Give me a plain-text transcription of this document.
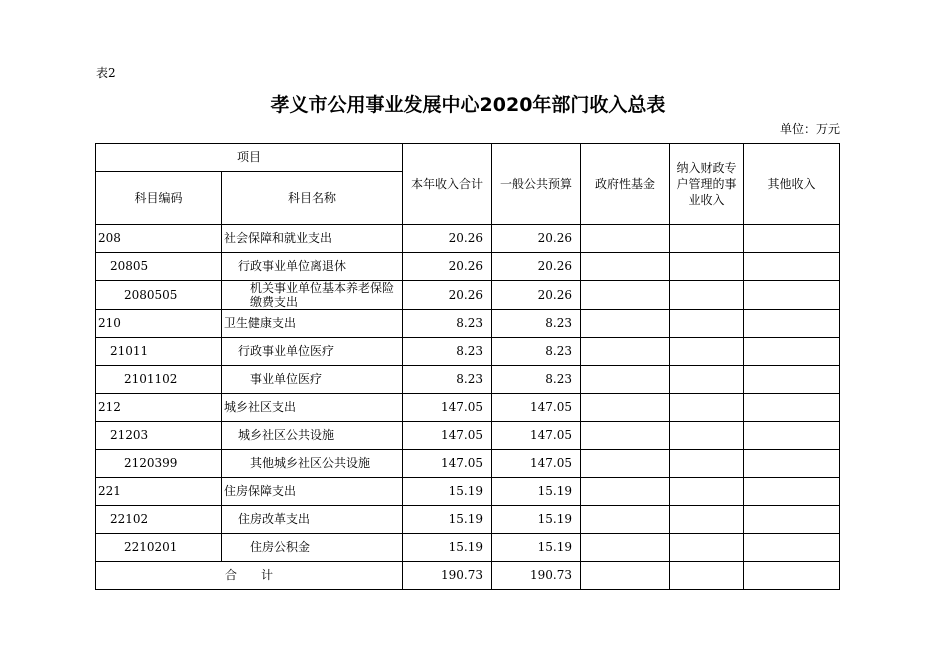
表2
孝义市公用事业发展中心2020年部门收入总表
单位：万元
项目		本年收入合计	一般公共预算	政府性基金	纳入财政专户管理的事业收入	其他收入
科目编码	科目名称					
208	社会保障和就业支出	20.26	20.26			
20805	行政事业单位离退休	20.26	20.26			
2080505	机关事业单位基本养老保险缴费支出	20.26	20.26			
210	卫生健康支出	8.23	8.23			
21011	行政事业单位医疗	8.23	8.23			
2101102	事业单位医疗	8.23	8.23			
212	城乡社区支出	147.05	147.05			
21203	城乡社区公共设施	147.05	147.05			
2120399	其他城乡社区公共设施	147.05	147.05			
221	住房保障支出	15.19	15.19			
22102	住房改革支出	15.19	15.19			
2210201	住房公积金	15.19	15.19			
合　　计		190.73	190.73			
